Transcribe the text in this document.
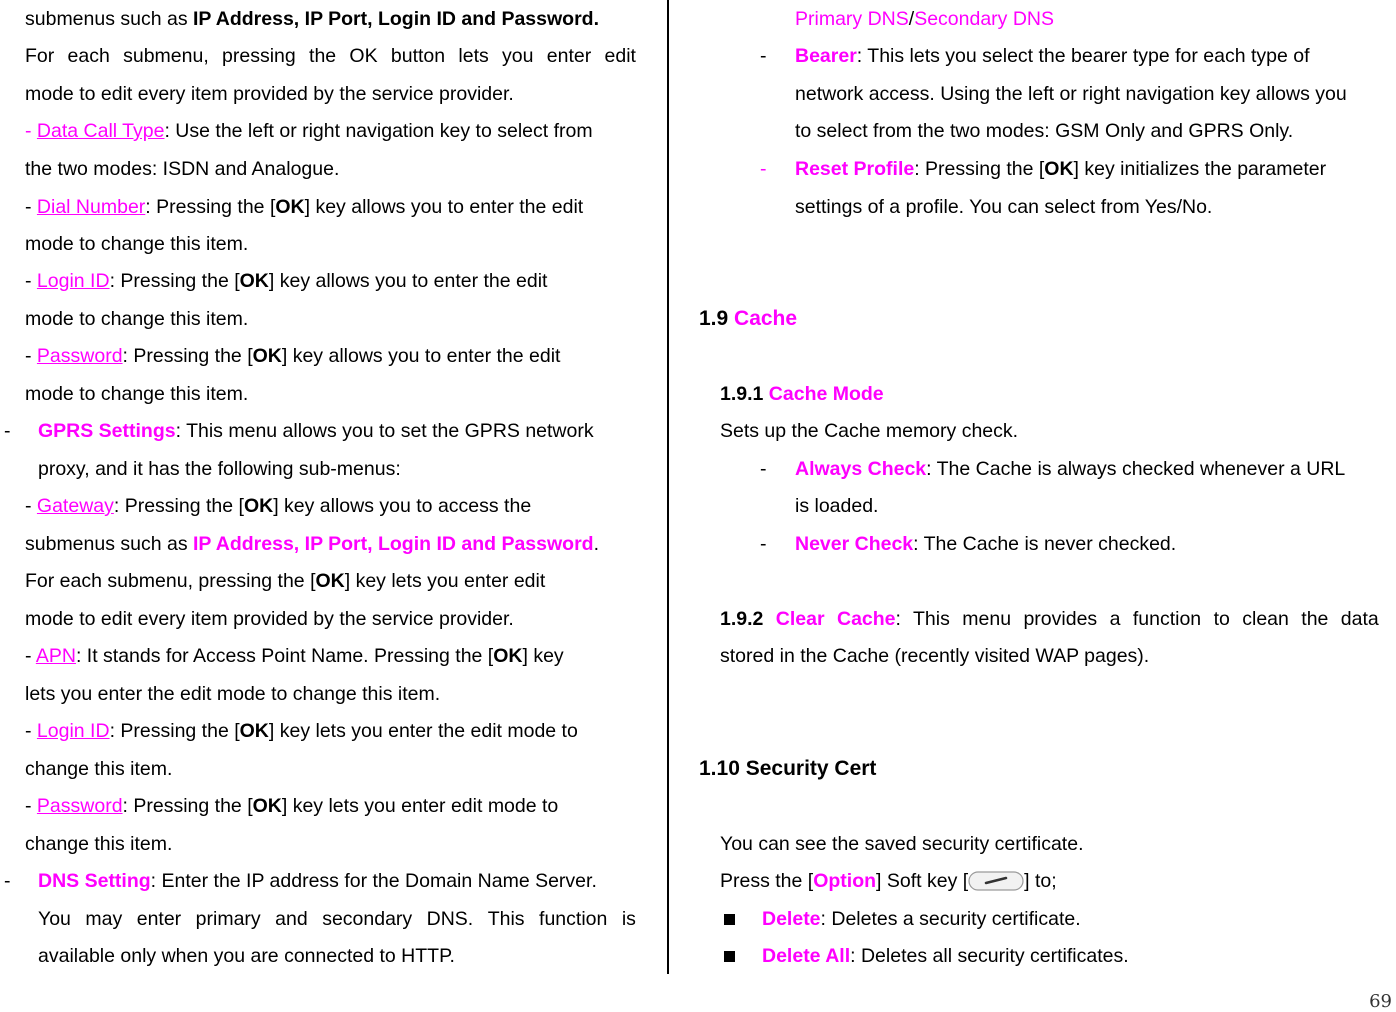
submenus such as IP Address, IP Port, Login ID and Password.
For each submenu, pressing the OK button lets you enter edit
mode to edit every item provided by the service provider.
- Data Call Type: Use the left or right navigation key to select from
the two modes: ISDN and Analogue.
- Dial Number: Pressing the [OK] key allows you to enter the edit
mode to change this item.
- Login ID: Pressing the [OK] key allows you to enter the edit
mode to change this item.
- Password: Pressing the [OK] key allows you to enter the edit
mode to change this item.
- GPRS Settings: This menu allows you to set the GPRS network
proxy, and it has the following sub-menus:
- Gateway: Pressing the [OK] key allows you to access the
submenus such as IP Address, IP Port, Login ID and Password.
For each submenu, pressing the [OK] key lets you enter edit
mode to edit every item provided by the service provider.
- APN: It stands for Access Point Name. Pressing the [OK] key
lets you enter the edit mode to change this item.
- Login ID: Pressing the [OK] key lets you enter the edit mode to
change this item.
- Password: Pressing the [OK] key lets you enter edit mode to
change this item.
- DNS Setting: Enter the IP address for the Domain Name Server.
You may enter primary and secondary DNS. This function is
available only when you are connected to HTTP.
Primary DNS/Secondary DNS
- Bearer: This lets you select the bearer type for each type of
network access. Using the left or right navigation key allows you
to select from the two modes: GSM Only and GPRS Only.
- Reset Profile: Pressing the [OK] key initializes the parameter
settings of a profile. You can select from Yes/No.
1.9 Cache
1.9.1 Cache Mode
Sets up the Cache memory check.
- Always Check: The Cache is always checked whenever a URL
is loaded.
- Never Check: The Cache is never checked.
1.9.2 Clear Cache: This menu provides a function to clean the data
stored in the Cache (recently visited WAP pages).
1.10 Security Cert
You can see the saved security certificate.
Press the [Option] Soft key [	] to;
Delete: Deletes a security certificate.
Delete All: Deletes all security certificates.
69
